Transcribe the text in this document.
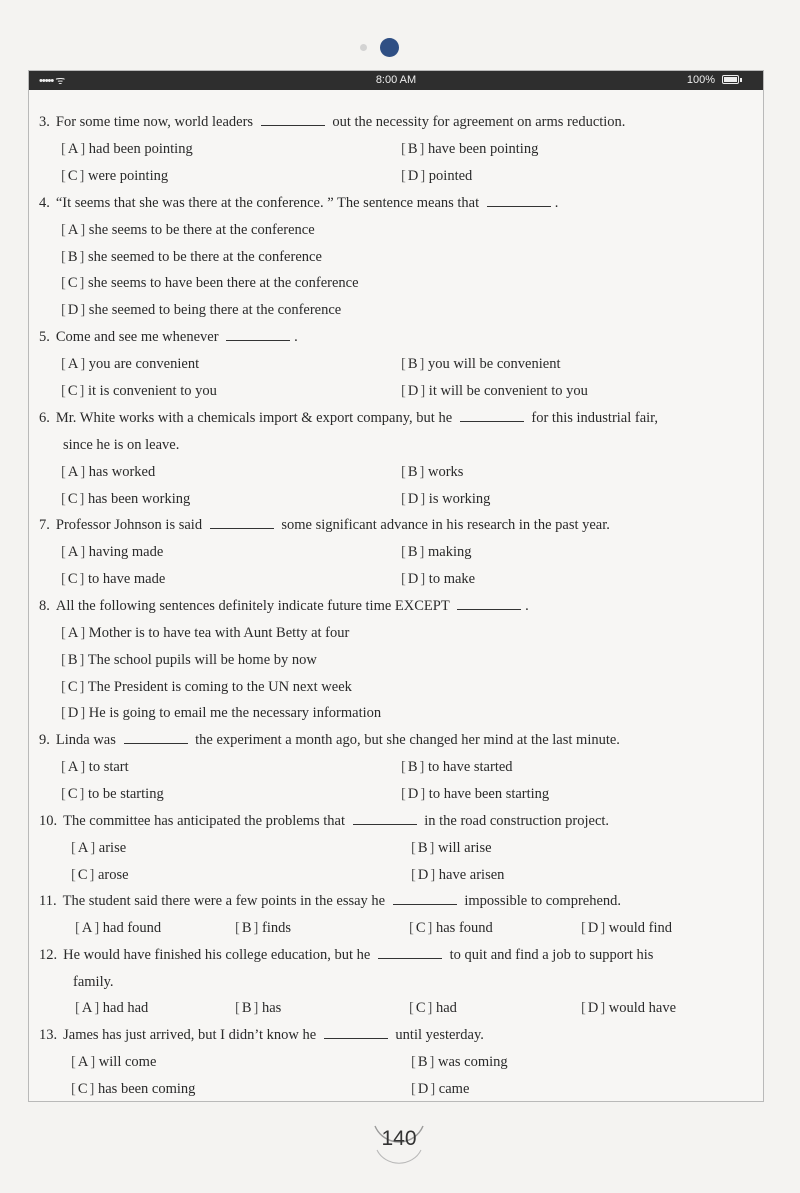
••••• ᯤ	8:00 AM	100%
3. For some time now, world leaders	out the necessity for agreement on arms reduction.
[ A ] had been pointing	[ B ] have been pointing
[ C ] were pointing	[ D ] pointed
4. “It seems that she was there at the conference. ” The sentence means that	.
[ A ] she seems to be there at the conference
[ B ] she seemed to be there at the conference
[ C ] she seems to have been there at the conference
[ D ] she seemed to being there at the conference
5. Come and see me whenever	.
[ A ] you are convenient	[ B ] you will be convenient
[ C ] it is convenient to you	[ D ] it will be convenient to you
6. Mr. White works with a chemicals import & export company, but he	for this industrial fair,
since he is on leave.
[ A ] has worked	[ B ] works
[ C ] has been working	[ D ] is working
7. Professor Johnson is said	some significant advance in his research in the past year.
[ A ] having made	[ B ] making
[ C ] to have made	[ D ] to make
8. All the following sentences definitely indicate future time EXCEPT	.
[ A ] Mother is to have tea with Aunt Betty at four
[ B ] The school pupils will be home by now
[ C ] The President is coming to the UN next week
[ D ] He is going to email me the necessary information
9. Linda was	the experiment a month ago, but she changed her mind at the last minute.
[ A ] to start	[ B ] to have started
[ C ] to be starting	[ D ] to have been starting
10. The committee has anticipated the problems that	in the road construction project.
[ A ] arise	[ B ] will arise
[ C ] arose	[ D ] have arisen
11. The student said there were a few points in the essay he	impossible to comprehend.
[ A ] had found	[ B ] finds	[ C ] has found	[ D ] would find
12. He would have finished his college education, but he	to quit and find a job to support his
family.
[ A ] had had	[ B ] has	[ C ] had	[ D ] would have
13. James has just arrived, but I didn’t know he	until yesterday.
[ A ] will come	[ B ] was coming
[ C ] has been coming	[ D ] came
140
